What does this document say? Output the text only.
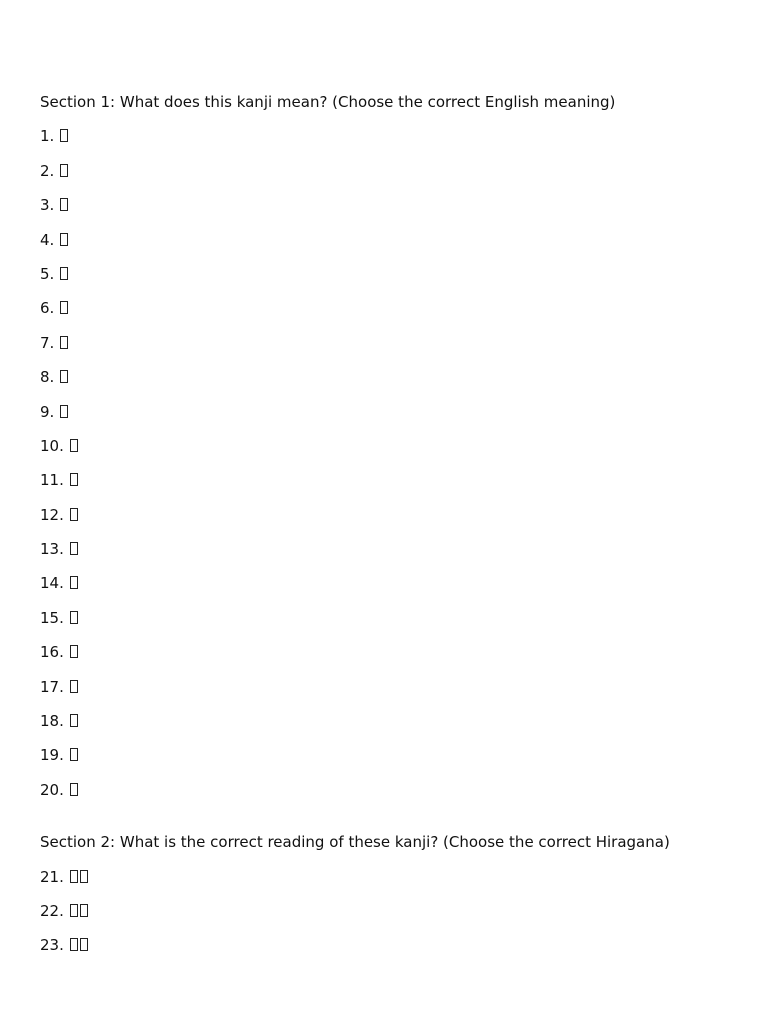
Section 1: What does this kanji mean? (Choose the correct English meaning)
1.
2.
3.
4.
5.
6.
7.
8.
9.
10.
11.
12.
13.
14.
15.
16.
17.
18.
19.
20.
Section 2: What is the correct reading of these kanji? (Choose the correct Hiragana)
21.
22.
23.
